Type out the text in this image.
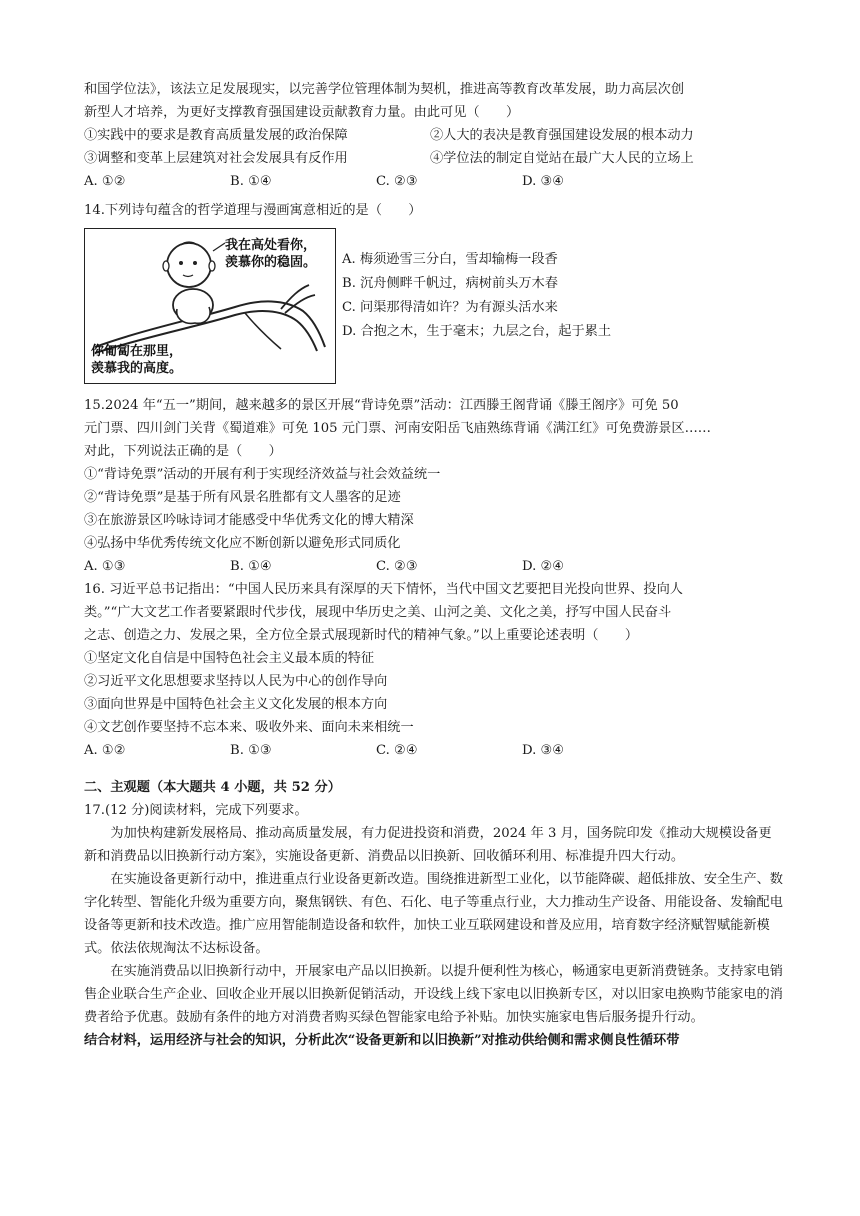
和国学位法》，该法立足发展现实，以完善学位管理体制为契机，推进高等教育改革发展，助力高层次创

新型人才培养，为更好支撑教育强国建设贡献教育力量。由此可见（　　）

①实践中的要求是教育高质量发展的政治保障	②人大的表决是教育强国建设发展的根本动力
③调整和变革上层建筑对社会发展具有反作用	④学位法的制定自觉站在最广大人民的立场上
A. ①②	B. ①④	C. ②③	D. ③④

14.下列诗句蕴含的哲学道理与漫画寓意相近的是（　　）

我在高处看你，
羡慕你的稳固。
你匍匐在那里，
羡慕我的高度。

A. 梅须逊雪三分白，雪却输梅一段香

B. 沉舟侧畔千帆过，病树前头万木春

C. 问渠那得清如许？为有源头活水来

D. 合抱之木，生于毫末；九层之台，起于累土

15.2024 年“五一”期间，越来越多的景区开展“背诗免票”活动：江西滕王阁背诵《滕王阁序》可免 50

元门票、四川剑门关背《蜀道难》可免 105 元门票、河南安阳岳飞庙熟练背诵《满江红》可免费游景区……

对此，下列说法正确的是（　　）

①“背诗免票”活动的开展有利于实现经济效益与社会效益统一

②“背诗免票”是基于所有风景名胜都有文人墨客的足迹

③在旅游景区吟咏诗词才能感受中华优秀文化的博大精深

④弘扬中华优秀传统文化应不断创新以避免形式同质化

A. ①③	B. ①④	C. ②③	D. ②④

16. 习近平总书记指出：“中国人民历来具有深厚的天下情怀，当代中国文艺要把目光投向世界、投向人

类。”“广大文艺工作者要紧跟时代步伐，展现中华历史之美、山河之美、文化之美，抒写中国人民奋斗

之志、创造之力、发展之果，全方位全景式展现新时代的精神气象。”以上重要论述表明（　　）

①坚定文化自信是中国特色社会主义最本质的特征

②习近平文化思想要求坚持以人民为中心的创作导向

③面向世界是中国特色社会主义文化发展的根本方向

④文艺创作要坚持不忘本来、吸收外来、面向未来相统一

A. ①②	B. ①③	C. ②④	D. ③④

二、主观题（本大题共 4 小题，共 52 分）

17.(12 分)阅读材料，完成下列要求。

为加快构建新发展格局、推动高质量发展，有力促进投资和消费，2024 年 3 月，国务院印发《推动大规模设备更新和消费品以旧换新行动方案》，实施设备更新、消费品以旧换新、回收循环利用、标准提升四大行动。

在实施设备更新行动中，推进重点行业设备更新改造。围绕推进新型工业化，以节能降碳、超低排放、安全生产、数字化转型、智能化升级为重要方向，聚焦钢铁、有色、石化、电子等重点行业，大力推动生产设备、用能设备、发输配电设备等更新和技术改造。推广应用智能制造设备和软件，加快工业互联网建设和普及应用，培育数字经济赋智赋能新模式。依法依规淘汰不达标设备。

在实施消费品以旧换新行动中，开展家电产品以旧换新。以提升便利性为核心，畅通家电更新消费链条。支持家电销售企业联合生产企业、回收企业开展以旧换新促销活动，开设线上线下家电以旧换新专区，对以旧家电换购节能家电的消费者给予优惠。鼓励有条件的地方对消费者购买绿色智能家电给予补贴。加快实施家电售后服务提升行动。

结合材料，运用经济与社会的知识，分析此次“设备更新和以旧换新”对推动供给侧和需求侧良性循环带
